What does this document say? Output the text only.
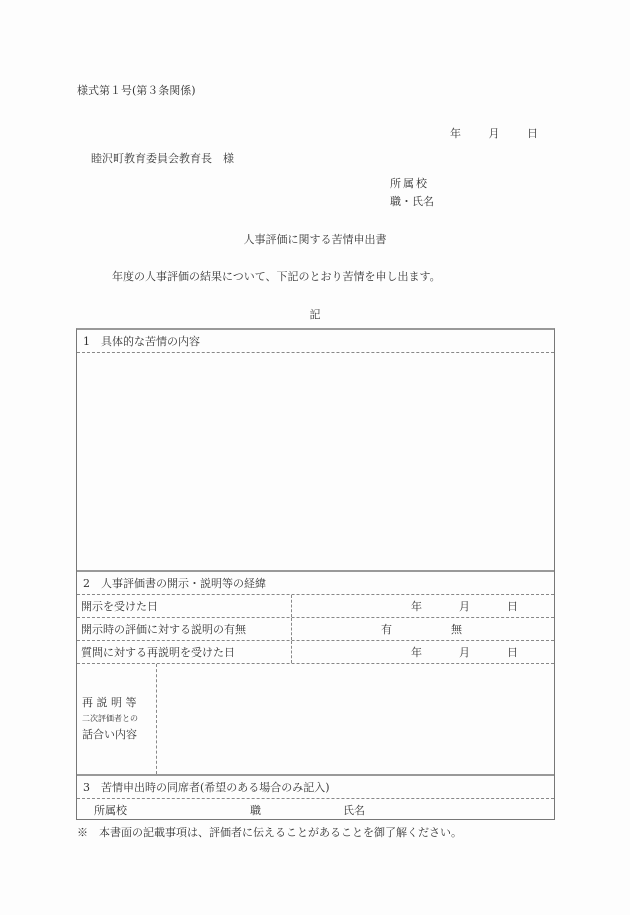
様式第１号(第３条関係)
年	月	日
睦沢町教育委員会教育長　様
所属校
職・氏名
人事評価に関する苦情申出書
年度の人事評価の結果について、下記のとおり苦情を申し出ます。
記
1　具体的な苦情の内容
2　人事評価書の開示・説明等の経緯
開示を受けた日	年	月	日
開示時の評価に対する説明の有無	有	無
質問に対する再説明を受けた日	年	月	日
再 説 明 等
二次評価者との
話合い内容
3　苦情申出時の同席者(希望のある場合のみ記入)
所属校	職	氏名
※　本書面の記載事項は、評価者に伝えることがあることを御了解ください。
